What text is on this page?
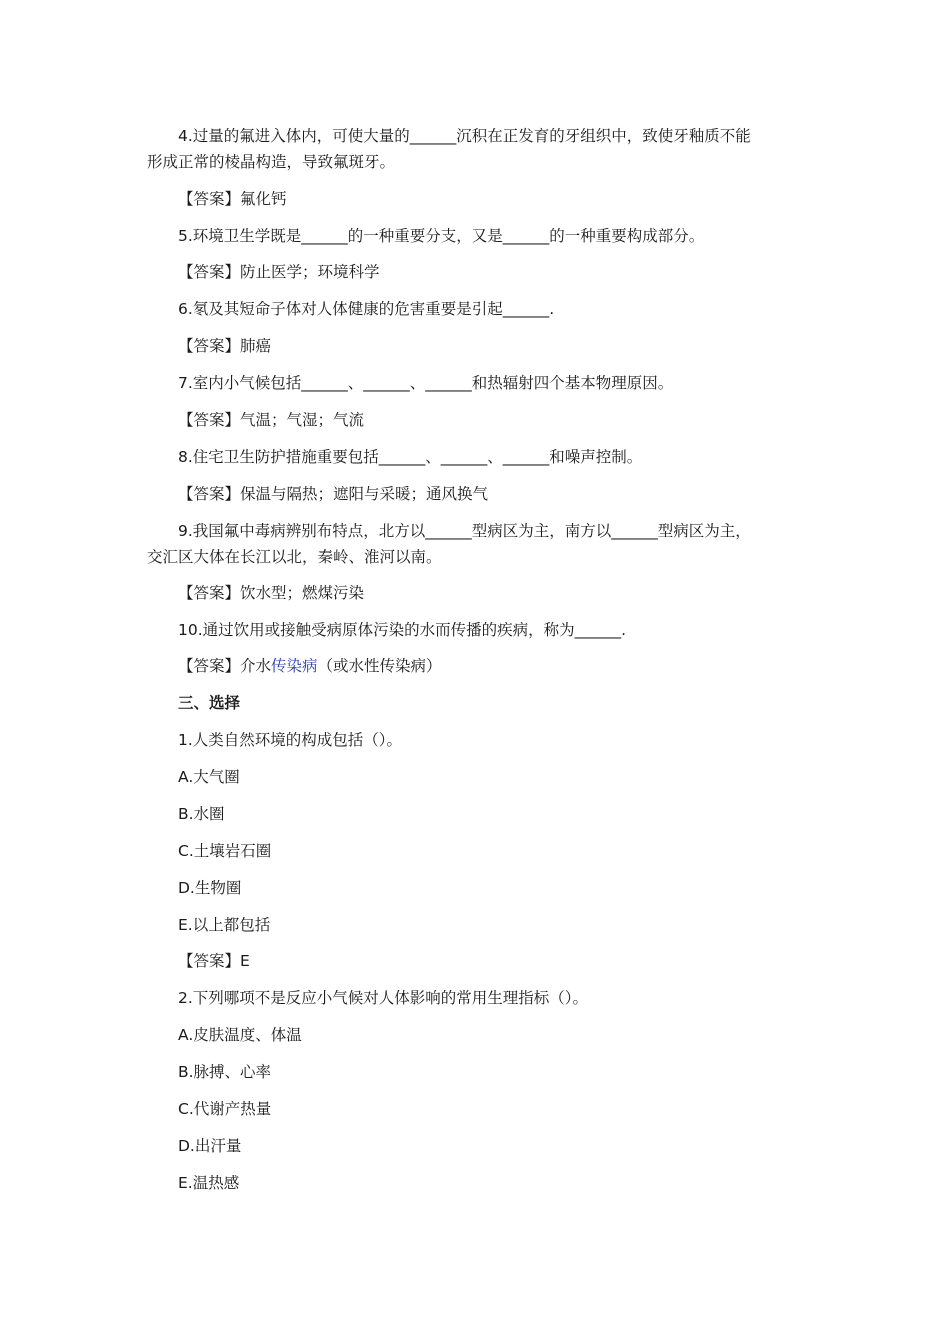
4.过量的氟进入体内，可使大量的______沉积在正发育的牙组织中，致使牙釉质不能
形成正常的棱晶构造，导致氟斑牙。
【答案】氟化钙
5.环境卫生学既是______的一种重要分支，又是______的一种重要构成部分。
【答案】防止医学；环境科学
6.氡及其短命子体对人体健康的危害重要是引起______.
【答案】肺癌
7.室内小气候包括______、______、______和热辐射四个基本物理原因。
【答案】气温；气湿；气流
8.住宅卫生防护措施重要包括______、______、______和噪声控制。
【答案】保温与隔热；遮阳与采暖；通风换气
9.我国氟中毒病辨别布特点，北方以______型病区为主，南方以______型病区为主，
交汇区大体在长江以北，秦岭、淮河以南。
【答案】饮水型；燃煤污染
10.通过饮用或接触受病原体污染的水而传播的疾病，称为______.
【答案】介水传染病（或水性传染病）
三、选择
1.人类自然环境的构成包括（）。
A.大气圈
B.水圈
C.土壤岩石圈
D.生物圈
E.以上都包括
【答案】E
2.下列哪项不是反应小气候对人体影响的常用生理指标（）。
A.皮肤温度、体温
B.脉搏、心率
C.代谢产热量
D.出汗量
E.温热感
